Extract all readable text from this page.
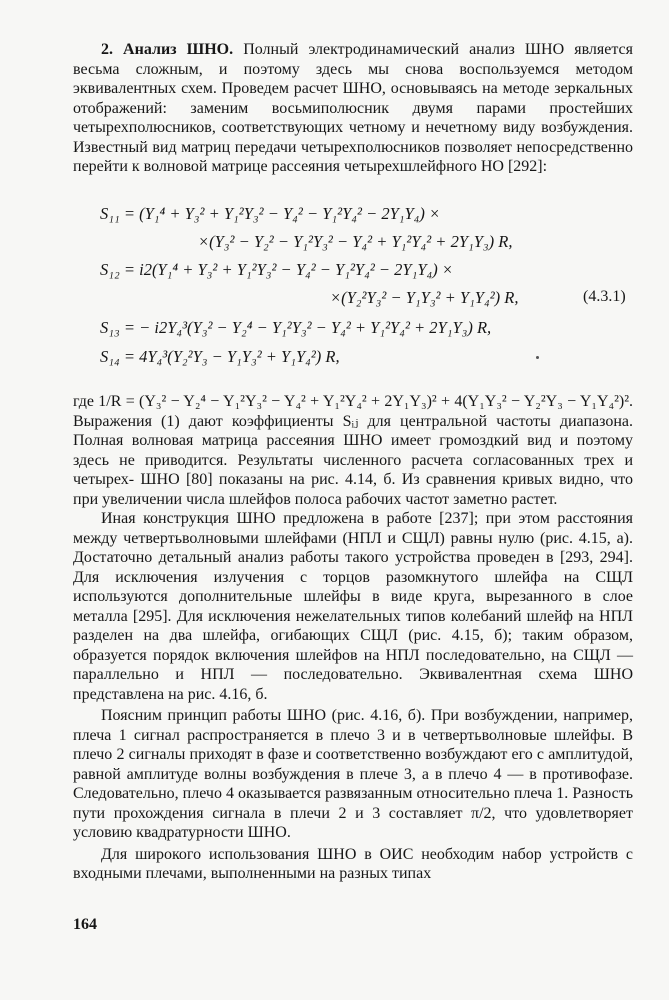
2. Анализ ШНО. Полный электродинамический анализ ШНО является весьма сложным, и поэтому здесь мы снова воспользуемся методом эквивалентных схем. Проведем расчет ШНО, основываясь на методе зеркальных отображений: заменим восьмиполюсник двумя парами простейших четырехполюсников, соответствующих четному и нечетному виду возбуждения. Известный вид матриц передачи четырехполюсников позволяет непосредственно перейти к волновой матрице рассеяния четырехшлейфного НО [292]:

S₁₁ = (Y₁⁴ + Y₃² + Y₁²Y₃² − Y₄² − Y₁²Y₄² − 2Y₁Y₄) ×
×(Y₃² − Y₂² − Y₁²Y₃² − Y₄² + Y₁²Y₄² + 2Y₁Y₃) R,
S₁₂ = i2(Y₁⁴ + Y₃² + Y₁²Y₃² − Y₄² − Y₁²Y₄² − 2Y₁Y₄) ×
×(Y₂²Y₃² − Y₁Y₃² + Y₁Y₄²) R,	(4.3.1)
S₁₃ = − i2Y₄³(Y₃² − Y₂⁴ − Y₁²Y₃² − Y₄² + Y₁²Y₄² + 2Y₁Y₃) R,
S₁₄ = 4Y₄³(Y₂²Y₃ − Y₁Y₃² + Y₁Y₄²) R,

где 1/R = (Y₃² − Y₂⁴ − Y₁²Y₃² − Y₄² + Y₁²Y₄² + 2Y₁Y₃)² + 4(Y₁Y₃² − Y₂²Y₃ − Y₁Y₄²)². Выражения (1) дают коэффициенты Sᵢⱼ для центральной частоты диапазона. Полная волновая матрица рассеяния ШНО имеет громоздкий вид и поэтому здесь не приводится. Результаты численного расчета согласованных трех и четырех- ШНО [80] показаны на рис. 4.14, б. Из сравнения кривых видно, что при увеличении числа шлейфов полоса рабочих частот заметно растет.

Иная конструкция ШНО предложена в работе [237]; при этом расстояния между четвертьволновыми шлейфами (НПЛ и СЩЛ) равны нулю (рис. 4.15, а). Достаточно детальный анализ работы такого устройства проведен в [293, 294]. Для исключения излучения с торцов разомкнутого шлейфа на СЩЛ используются дополнительные шлейфы в виде круга, вырезанного в слое металла [295]. Для исключения нежелательных типов колебаний шлейф на НПЛ разделен на два шлейфа, огибающих СЩЛ (рис. 4.15, б); таким образом, образуется порядок включения шлейфов на НПЛ последовательно, на СЩЛ — параллельно и НПЛ — последовательно. Эквивалентная схема ШНО представлена на рис. 4.16, б.

Поясним принцип работы ШНО (рис. 4.16, б). При возбуждении, например, плеча 1 сигнал распространяется в плечо 3 и в четвертьволновые шлейфы. В плечо 2 сигналы приходят в фазе и соответственно возбуждают его с амплитудой, равной амплитуде волны возбуждения в плече 3, а в плечо 4 — в противофазе. Следовательно, плечо 4 оказывается развязанным относительно плеча 1. Разность пути прохождения сигнала в плечи 2 и 3 составляет π/2, что удовлетворяет условию квадратурности ШНО.

Для широкого использования ШНО в ОИС необходим набор устройств с входными плечами, выполненными на разных типах

164
